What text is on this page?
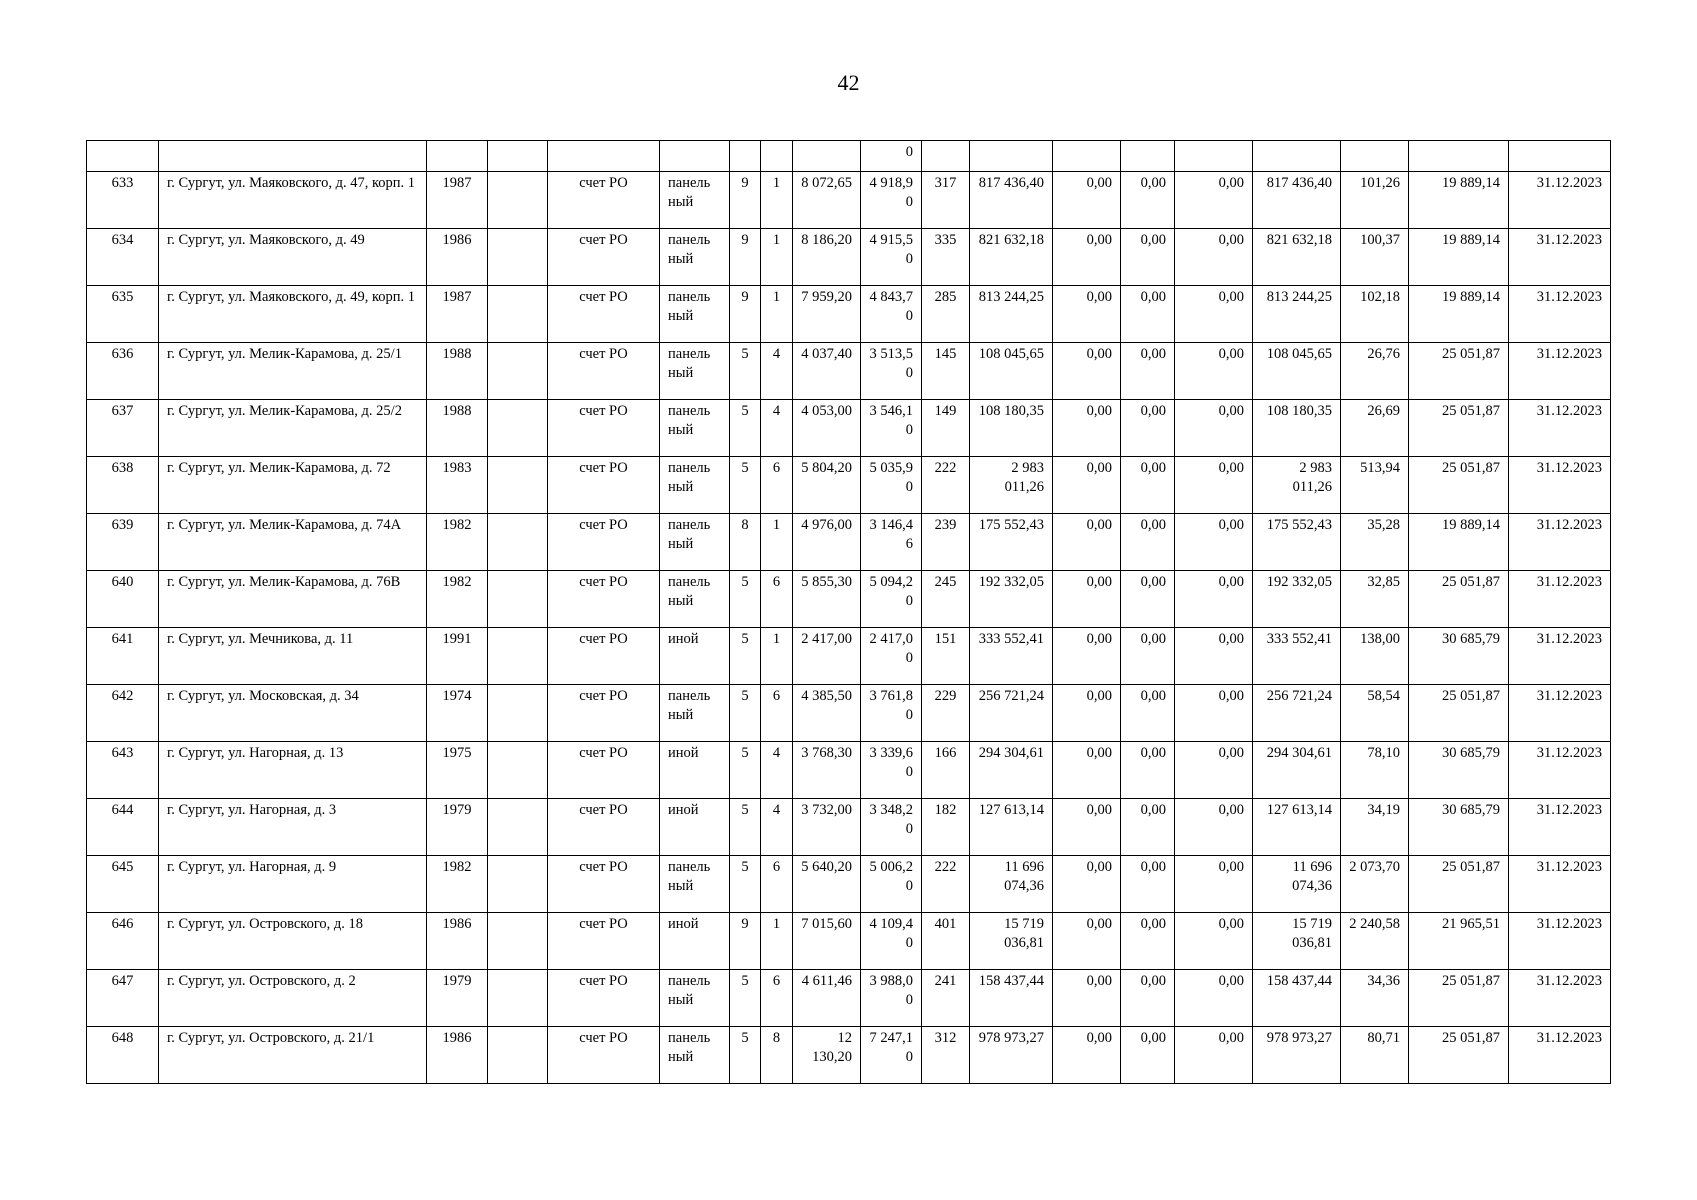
42
									0									
633	г. Сургут, ул. Маяковского, д. 47, корп. 1	1987		счет РО	панель ный	9	1	8 072,65	4 918,9 0	317	817 436,40	0,00	0,00	0,00	817 436,40	101,26	19 889,14	31.12.2023
634	г. Сургут, ул. Маяковского, д. 49	1986		счет РО	панель ный	9	1	8 186,20	4 915,5 0	335	821 632,18	0,00	0,00	0,00	821 632,18	100,37	19 889,14	31.12.2023
635	г. Сургут, ул. Маяковского, д. 49, корп. 1	1987		счет РО	панель ный	9	1	7 959,20	4 843,7 0	285	813 244,25	0,00	0,00	0,00	813 244,25	102,18	19 889,14	31.12.2023
636	г. Сургут, ул. Мелик-Карамова, д. 25/1	1988		счет РО	панель ный	5	4	4 037,40	3 513,5 0	145	108 045,65	0,00	0,00	0,00	108 045,65	26,76	25 051,87	31.12.2023
637	г. Сургут, ул. Мелик-Карамова, д. 25/2	1988		счет РО	панель ный	5	4	4 053,00	3 546,1 0	149	108 180,35	0,00	0,00	0,00	108 180,35	26,69	25 051,87	31.12.2023
638	г. Сургут, ул. Мелик-Карамова, д. 72	1983		счет РО	панель ный	5	6	5 804,20	5 035,9 0	222	2 983 011,26	0,00	0,00	0,00	2 983 011,26	513,94	25 051,87	31.12.2023
639	г. Сургут, ул. Мелик-Карамова, д. 74А	1982		счет РО	панель ный	8	1	4 976,00	3 146,4 6	239	175 552,43	0,00	0,00	0,00	175 552,43	35,28	19 889,14	31.12.2023
640	г. Сургут, ул. Мелик-Карамова, д. 76В	1982		счет РО	панель ный	5	6	5 855,30	5 094,2 0	245	192 332,05	0,00	0,00	0,00	192 332,05	32,85	25 051,87	31.12.2023
641	г. Сургут, ул. Мечникова, д. 11	1991		счет РО	иной	5	1	2 417,00	2 417,0 0	151	333 552,41	0,00	0,00	0,00	333 552,41	138,00	30 685,79	31.12.2023
642	г. Сургут, ул. Московская, д. 34	1974		счет РО	панель ный	5	6	4 385,50	3 761,8 0	229	256 721,24	0,00	0,00	0,00	256 721,24	58,54	25 051,87	31.12.2023
643	г. Сургут, ул. Нагорная, д. 13	1975		счет РО	иной	5	4	3 768,30	3 339,6 0	166	294 304,61	0,00	0,00	0,00	294 304,61	78,10	30 685,79	31.12.2023
644	г. Сургут, ул. Нагорная, д. 3	1979		счет РО	иной	5	4	3 732,00	3 348,2 0	182	127 613,14	0,00	0,00	0,00	127 613,14	34,19	30 685,79	31.12.2023
645	г. Сургут, ул. Нагорная, д. 9	1982		счет РО	панель ный	5	6	5 640,20	5 006,2 0	222	11 696 074,36	0,00	0,00	0,00	11 696 074,36	2 073,70	25 051,87	31.12.2023
646	г. Сургут, ул. Островского, д. 18	1986		счет РО	иной	9	1	7 015,60	4 109,4 0	401	15 719 036,81	0,00	0,00	0,00	15 719 036,81	2 240,58	21 965,51	31.12.2023
647	г. Сургут, ул. Островского, д. 2	1979		счет РО	панель ный	5	6	4 611,46	3 988,0 0	241	158 437,44	0,00	0,00	0,00	158 437,44	34,36	25 051,87	31.12.2023
648	г. Сургут, ул. Островского, д. 21/1	1986		счет РО	панель ный	5	8	12 130,20	7 247,1 0	312	978 973,27	0,00	0,00	0,00	978 973,27	80,71	25 051,87	31.12.2023
